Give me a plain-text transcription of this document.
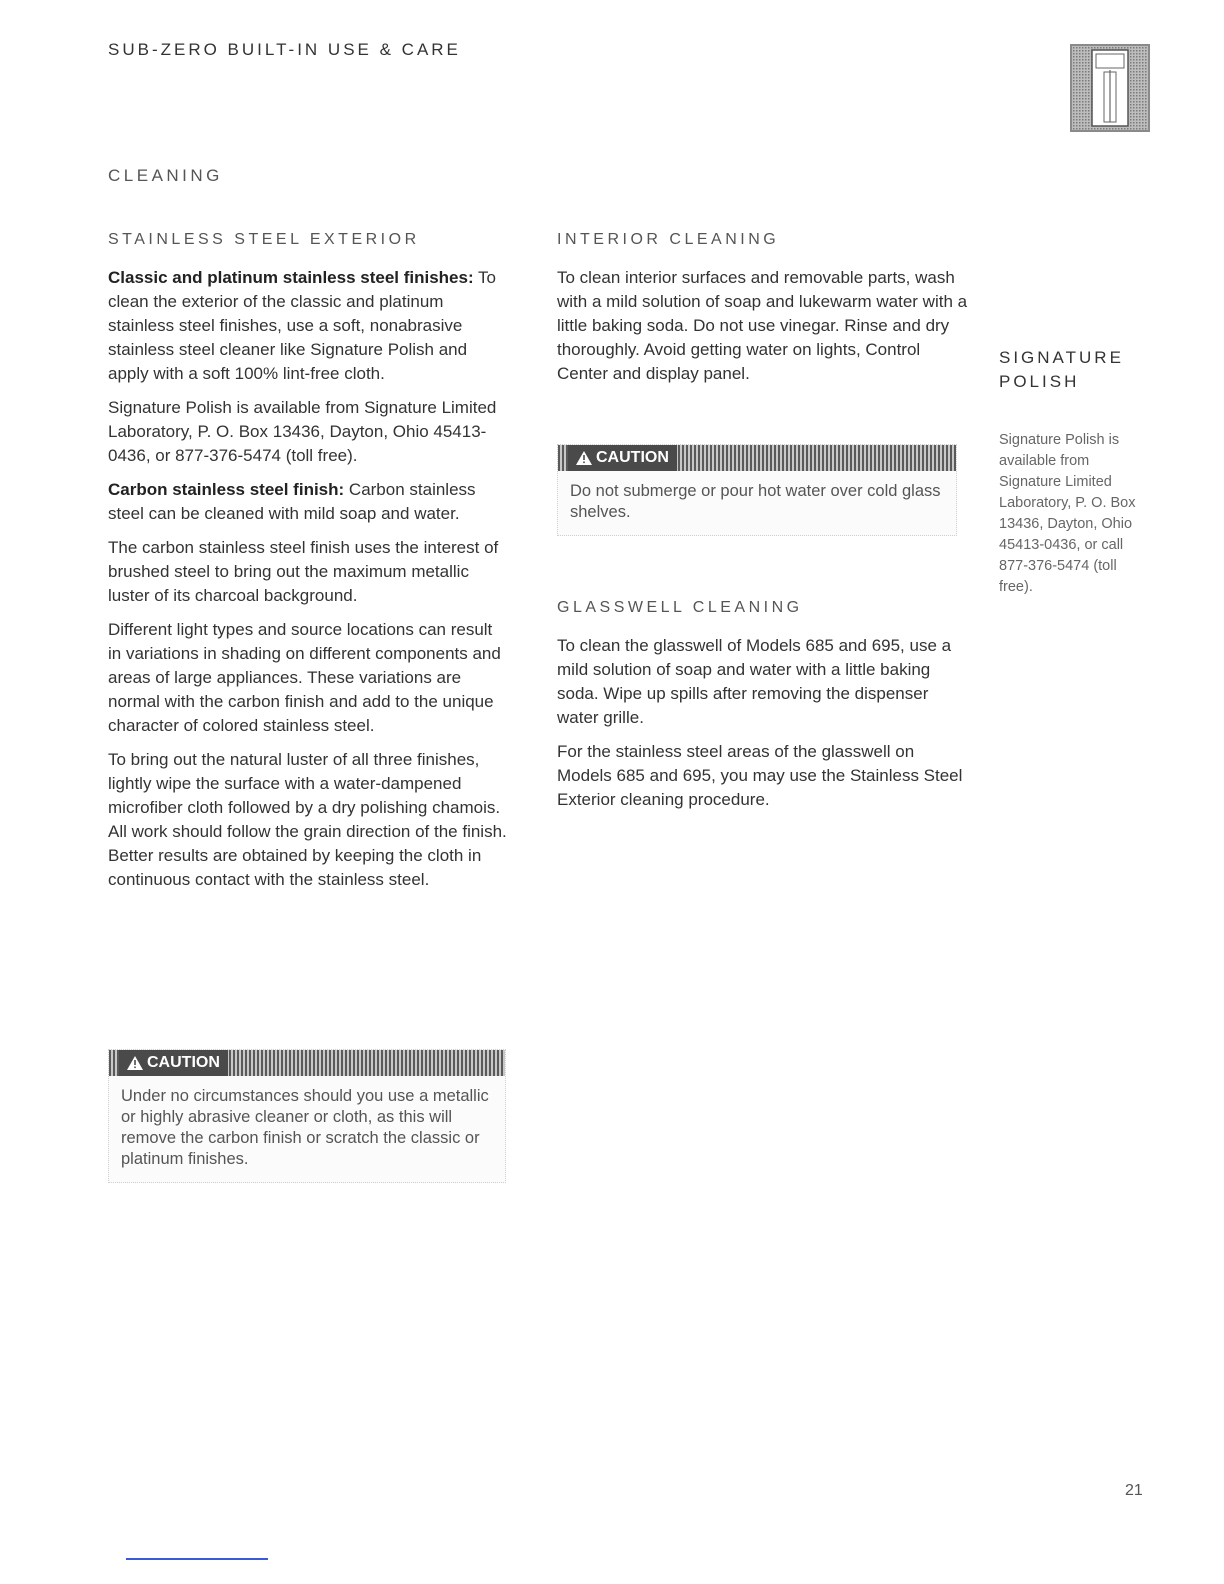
SUB-ZERO BUILT-IN USE & CARE
CLEANING
STAINLESS STEEL EXTERIOR

Classic and platinum stainless steel finishes: To clean the exterior of the classic and platinum stainless steel finishes, use a soft, nonabrasive stainless steel cleaner like Signature Polish and apply with a soft 100% lint-free cloth.

Signature Polish is available from Signature Limited Laboratory, P. O. Box 13436, Dayton, Ohio 45413-0436, or 877-376-5474 (toll free).

Carbon stainless steel finish: Carbon stainless steel can be cleaned with mild soap and water.

The carbon stainless steel finish uses the interest of brushed steel to bring out the maximum metallic luster of its charcoal background.

Different light types and source locations can result in variations in shading on different components and areas of large appliances. These variations are normal with the carbon finish and add to the unique character of colored stainless steel.

To bring out the natural luster of all three finishes, lightly wipe the surface with a water-dampened microfiber cloth followed by a dry polishing chamois. All work should follow the grain direction of the finish. Better results are obtained by keeping the cloth in continuous contact with the stainless steel.

CAUTION
Under no circumstances should you use a metallic or highly abrasive cleaner or cloth, as this will remove the carbon finish or scratch the classic or platinum finishes.
INTERIOR CLEANING

To clean interior surfaces and removable parts, wash with a mild solution of soap and lukewarm water with a little baking soda. Do not use vinegar. Rinse and dry thoroughly. Avoid getting water on lights, Control Center and display panel.

CAUTION
Do not submerge or pour hot water over cold glass shelves.
GLASSWELL CLEANING

To clean the glasswell of Models 685 and 695, use a mild solution of soap and water with a little baking soda. Wipe up spills after removing the dispenser water grille.

For the stainless steel areas of the glasswell on Models 685 and 695, you may use the Stainless Steel Exterior cleaning procedure.

SIGNATURE POLISH
Signature Polish is available from Signature Limited Laboratory, P. O. Box 13436, Dayton, Ohio 45413-0436, or call 877-376-5474 (toll free).
21
